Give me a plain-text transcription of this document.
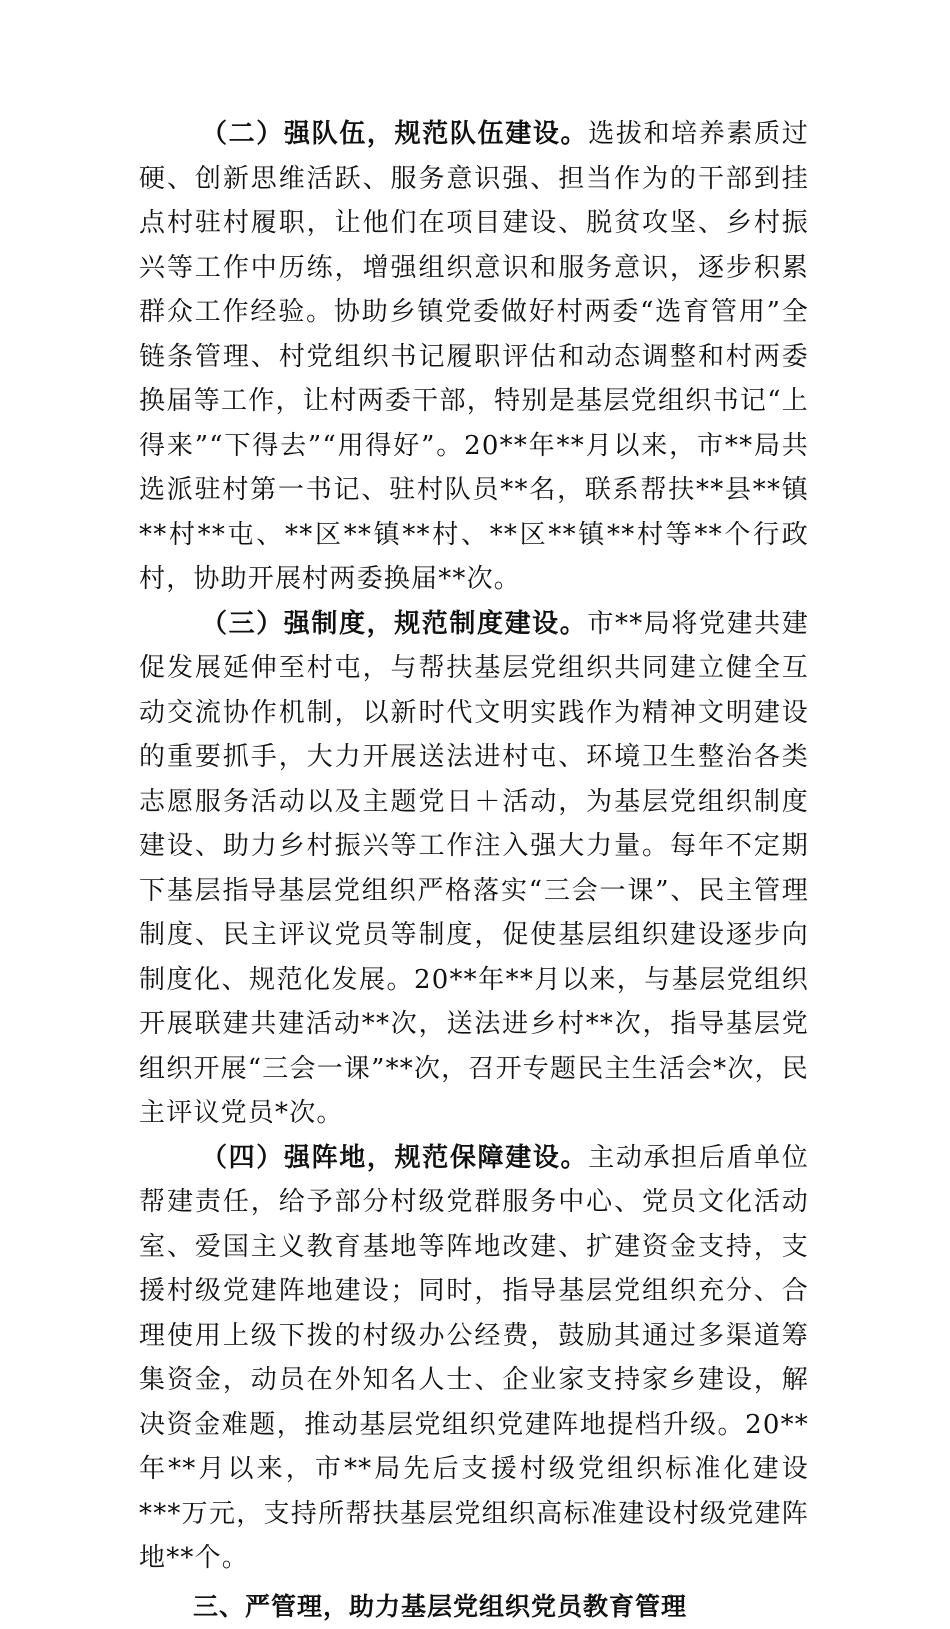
（二）强队伍，规范队伍建设。选拔和培养素质过硬、创新思维活跃、服务意识强、担当作为的干部到挂点村驻村履职，让他们在项目建设、脱贫攻坚、乡村振兴等工作中历练，增强组织意识和服务意识，逐步积累群众工作经验。协助乡镇党委做好村两委“选育管用”全链条管理、村党组织书记履职评估和动态调整和村两委换届等工作，让村两委干部，特别是基层党组织书记“上得来”“下得去”“用得好”。20**年**月以来，市**局共选派驻村第一书记、驻村队员**名，联系帮扶**县**镇**村**屯、**区**镇**村、**区**镇**村等**个行政村，协助开展村两委换届**次。

（三）强制度，规范制度建设。市**局将党建共建促发展延伸至村屯，与帮扶基层党组织共同建立健全互动交流协作机制，以新时代文明实践作为精神文明建设的重要抓手，大力开展送法进村屯、环境卫生整治各类志愿服务活动以及主题党日＋活动，为基层党组织制度建设、助力乡村振兴等工作注入强大力量。每年不定期下基层指导基层党组织严格落实“三会一课”、民主管理制度、民主评议党员等制度，促使基层组织建设逐步向制度化、规范化发展。20**年**月以来，与基层党组织开展联建共建活动**次，送法进乡村**次，指导基层党组织开展“三会一课”**次，召开专题民主生活会*次，民主评议党员*次。

（四）强阵地，规范保障建设。主动承担后盾单位帮建责任，给予部分村级党群服务中心、党员文化活动室、爱国主义教育基地等阵地改建、扩建资金支持，支援村级党建阵地建设；同时，指导基层党组织充分、合理使用上级下拨的村级办公经费，鼓励其通过多渠道筹集资金，动员在外知名人士、企业家支持家乡建设，解决资金难题，推动基层党组织党建阵地提档升级。20**年**月以来，市**局先后支援村级党组织标准化建设***万元，支持所帮扶基层党组织高标准建设村级党建阵地**个。

三、严管理，助力基层党组织党员教育管理
